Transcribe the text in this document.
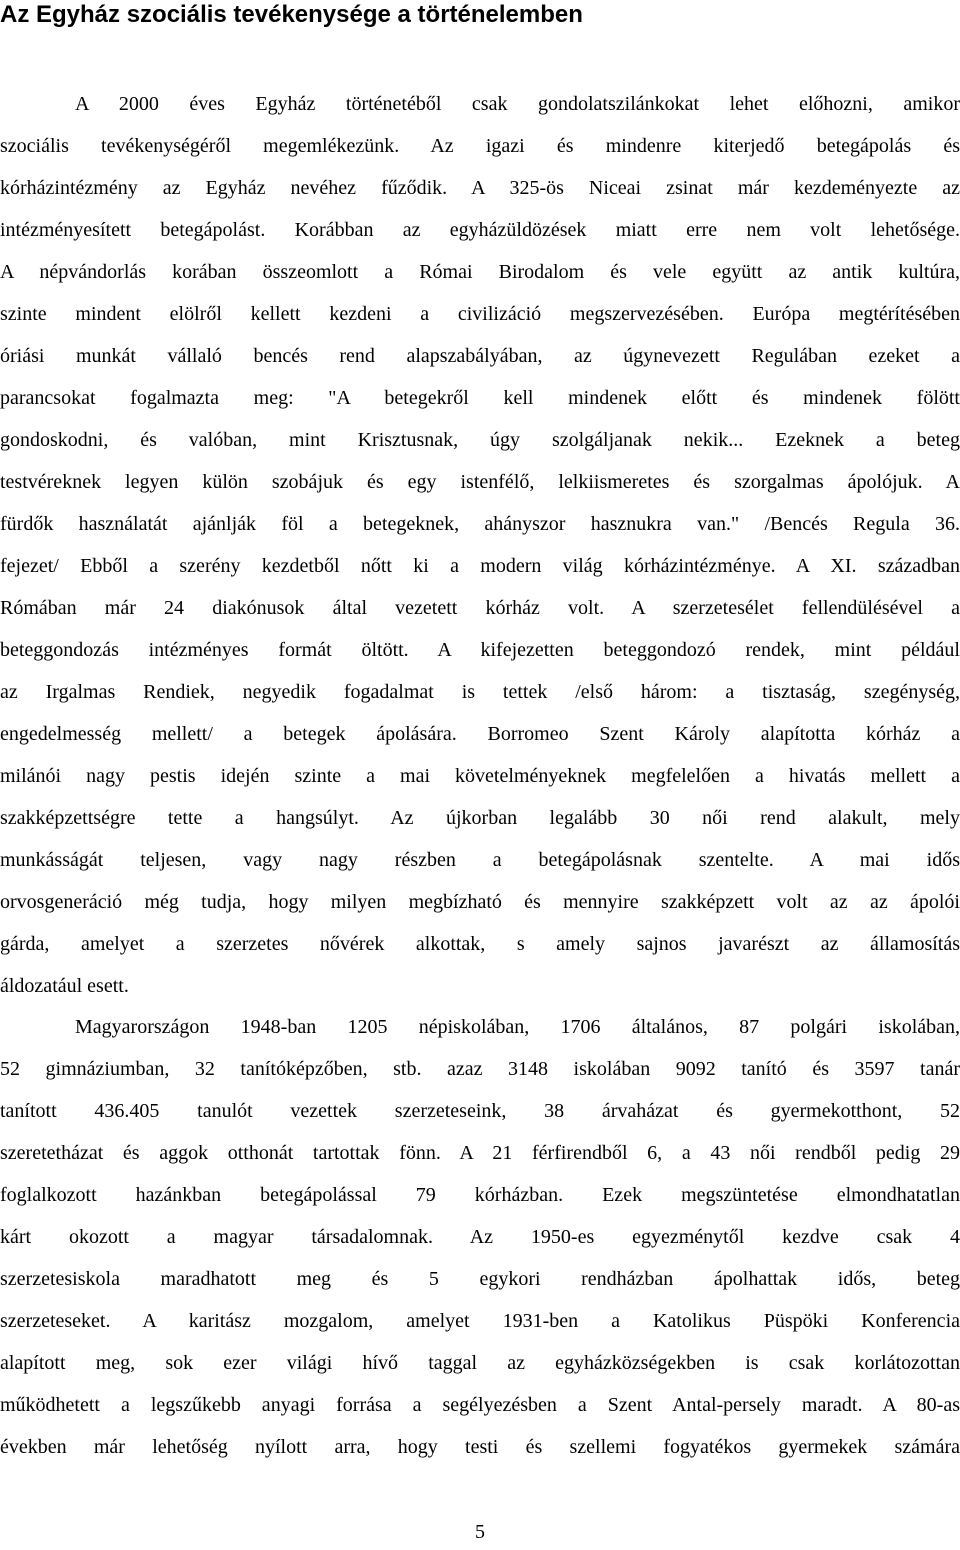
Az Egyház szociális tevékenysége a történelemben
A 2000 éves Egyház történetéből csak gondolatszilánkokat lehet előhozni, amikor
szociális tevékenységéről megemlékezünk. Az igazi és mindenre kiterjedő betegápolás és
kórházintézmény az Egyház nevéhez fűződik. A 325-ös Niceai zsinat már kezdeményezte az
intézményesített betegápolást. Korábban az egyházüldözések miatt erre nem volt lehetősége.
A népvándorlás korában összeomlott a Római Birodalom és vele együtt az antik kultúra,
szinte mindent elölről kellett kezdeni a civilizáció megszervezésében. Európa megtérítésében
óriási munkát vállaló bencés rend alapszabályában, az úgynevezett Regulában ezeket a
parancsokat fogalmazta meg: "A betegekről kell mindenek előtt és mindenek fölött
gondoskodni, és valóban, mint Krisztusnak, úgy szolgáljanak nekik... Ezeknek a beteg
testvéreknek legyen külön szobájuk és egy istenfélő, lelkiismeretes és szorgalmas ápolójuk. A
fürdők használatát ajánlják föl a betegeknek, ahányszor hasznukra van." /Bencés Regula 36.
fejezet/ Ebből a szerény kezdetből nőtt ki a modern világ kórházintézménye. A XI. században
Rómában már 24 diakónusok által vezetett kórház volt. A szerzetesélet fellendülésével a
beteggondozás intézményes formát öltött. A kifejezetten beteggondozó rendek, mint például
az Irgalmas Rendiek, negyedik fogadalmat is tettek /első három: a tisztaság, szegénység,
engedelmesség mellett/ a betegek ápolására. Borromeo Szent Károly alapította kórház a
milánói nagy pestis idején szinte a mai követelményeknek megfelelően a hivatás mellett a
szakképzettségre tette a hangsúlyt. Az újkorban legalább 30 női rend alakult, mely
munkásságát teljesen, vagy nagy részben a betegápolásnak szentelte. A mai idős
orvosgeneráció még tudja, hogy milyen megbízható és mennyire szakképzett volt az az ápolói
gárda, amelyet a szerzetes nővérek alkottak, s amely sajnos javarészt az államosítás
áldozatául esett.
Magyarországon 1948-ban 1205 népiskolában, 1706 általános, 87 polgári iskolában,
52 gimnáziumban, 32 tanítóképzőben, stb. azaz 3148 iskolában 9092 tanító és 3597 tanár
tanított 436.405 tanulót vezettek szerzeteseink, 38 árvaházat és gyermekotthont, 52
szeretetházat és aggok otthonát tartottak fönn. A 21 férfirendből 6, a 43 női rendből pedig 29
foglalkozott hazánkban betegápolással 79 kórházban. Ezek megszüntetése elmondhatatlan
kárt okozott a magyar társadalomnak. Az 1950-es egyezménytől kezdve csak 4
szerzetesiskola maradhatott meg és 5 egykori rendházban ápolhattak idős, beteg
szerzeteseket. A karitász mozgalom, amelyet 1931-ben a Katolikus Püspöki Konferencia
alapított meg, sok ezer világi hívő taggal az egyházközségekben is csak korlátozottan
működhetett a legszűkebb anyagi forrása a segélyezésben a Szent Antal-persely maradt. A 80-as
években már lehetőség nyílott arra, hogy testi és szellemi fogyatékos gyermekek számára
5
